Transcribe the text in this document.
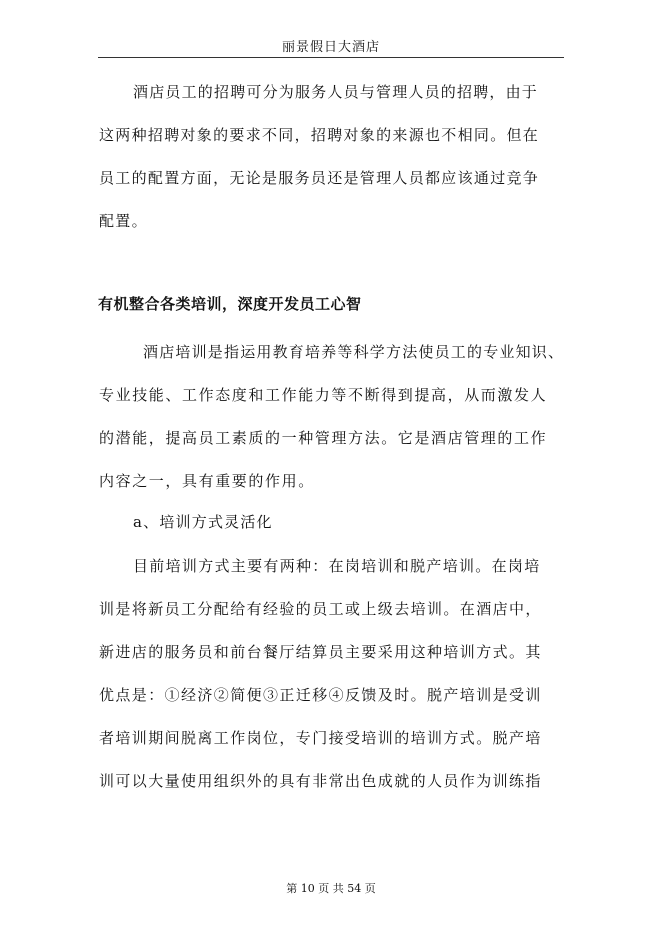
丽景假日大酒店
酒店员工的招聘可分为服务人员与管理人员的招聘，由于
这两种招聘对象的要求不同，招聘对象的来源也不相同。但在
员工的配置方面，无论是服务员还是管理人员都应该通过竞争
配置。
有机整合各类培训，深度开发员工心智
酒店培训是指运用教育培养等科学方法使员工的专业知识、
专业技能、工作态度和工作能力等不断得到提高，从而激发人
的潜能，提高员工素质的一种管理方法。它是酒店管理的工作
内容之一，具有重要的作用。
a、培训方式灵活化
目前培训方式主要有两种：在岗培训和脱产培训。在岗培
训是将新员工分配给有经验的员工或上级去培训。在酒店中，
新进店的服务员和前台餐厅结算员主要采用这种培训方式。其
优点是：①经济②简便③正迁移④反馈及时。脱产培训是受训
者培训期间脱离工作岗位，专门接受培训的培训方式。脱产培
训可以大量使用组织外的具有非常出色成就的人员作为训练指
第 10 页 共 54 页
